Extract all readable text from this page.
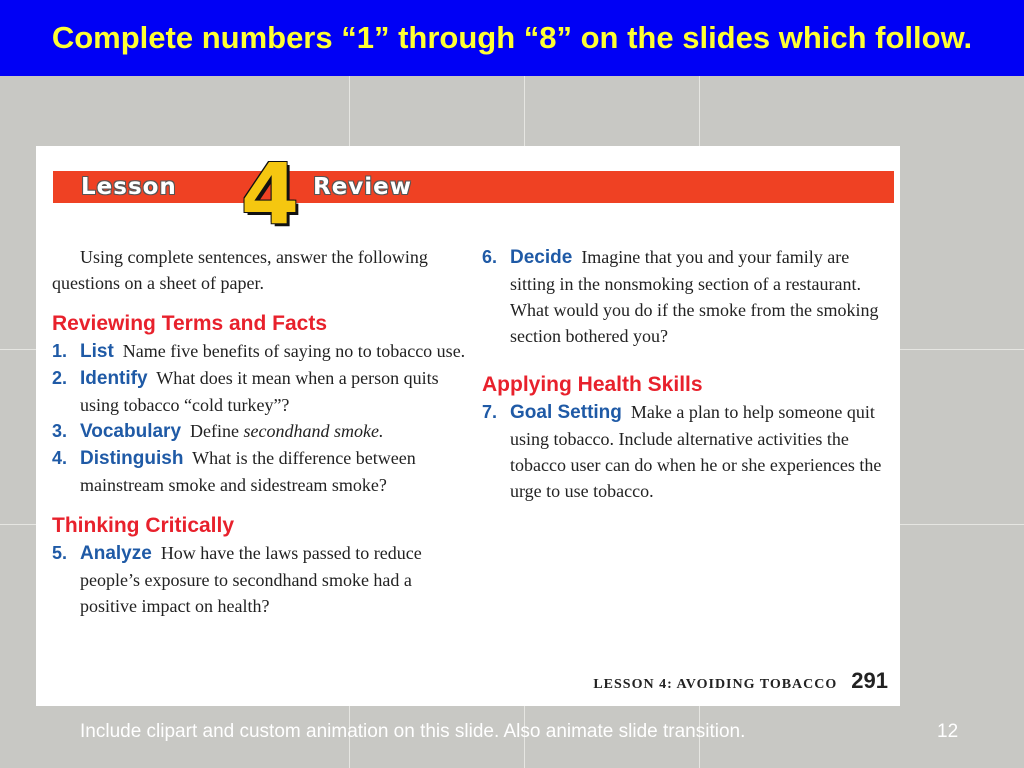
Complete numbers “1” through “8” on the slides which follow.
Lesson 4 Review

Using complete sentences, answer the following questions on a sheet of paper.

Reviewing Terms and Facts

1. List Name five benefits of saying no to tobacco use.

2. Identify What does it mean when a person quits using tobacco “cold turkey”?

3. Vocabulary Define secondhand smoke.

4. Distinguish What is the difference between mainstream smoke and sidestream smoke?

Thinking Critically

5. Analyze How have the laws passed to reduce people’s exposure to secondhand smoke had a positive impact on health?

6. Decide Imagine that you and your family are sitting in the nonsmoking section of a restaurant. What would you do if the smoke from the smoking section bothered you?

Applying Health Skills

7. Goal Setting Make a plan to help someone quit using tobacco. Include alternative activities the tobacco user can do when he or she experiences the urge to use tobacco.

LESSON 4: AVOIDING TOBACCO 291
Include clipart and custom animation on this slide. Also animate slide transition.	12
